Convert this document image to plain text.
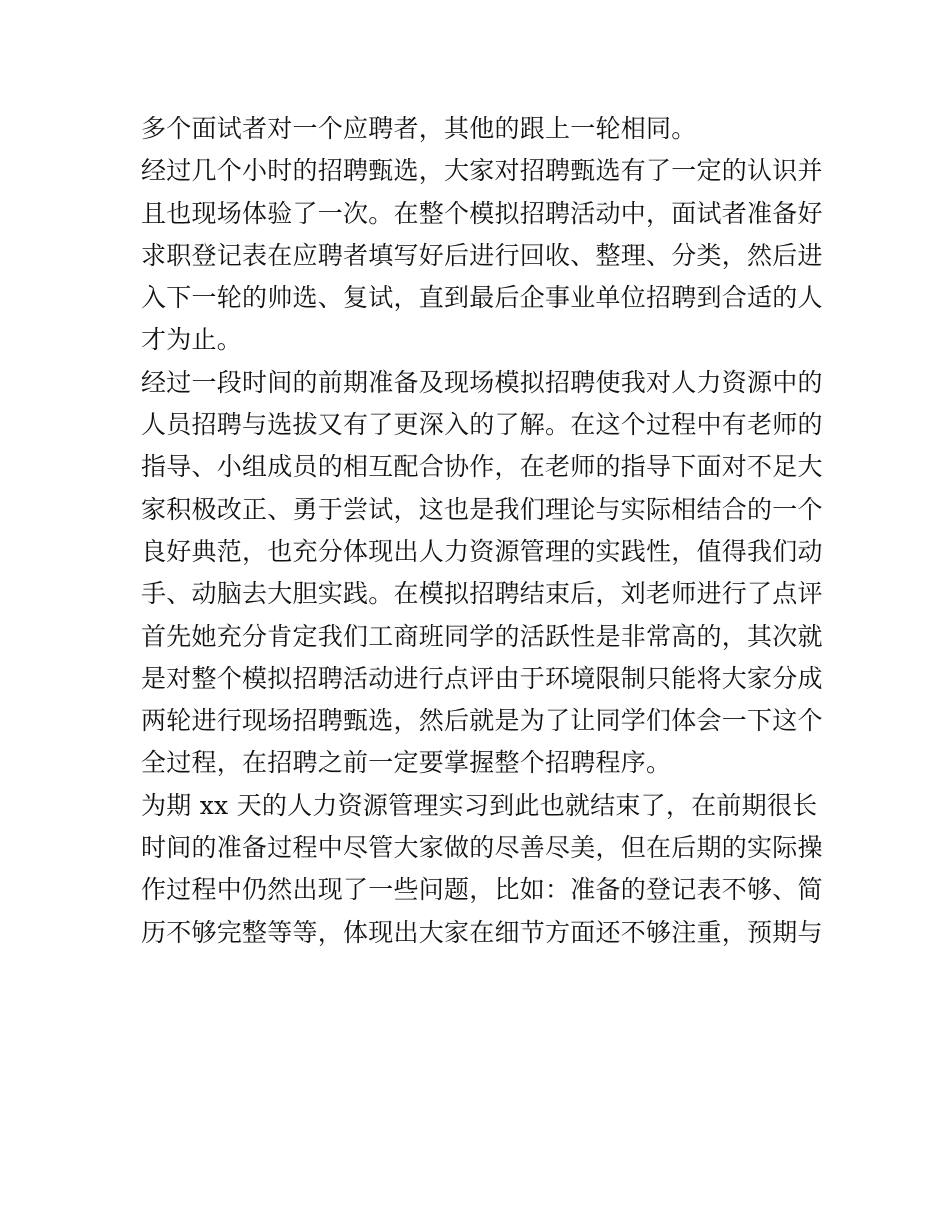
多个面试者对一个应聘者，其他的跟上一轮相同。
经过几个小时的招聘甄选，大家对招聘甄选有了一定的认识并
且也现场体验了一次。在整个模拟招聘活动中，面试者准备好
求职登记表在应聘者填写好后进行回收、整理、分类，然后进
入下一轮的帅选、复试，直到最后企事业单位招聘到合适的人
才为止。
经过一段时间的前期准备及现场模拟招聘使我对人力资源中的
人员招聘与选拔又有了更深入的了解。在这个过程中有老师的
指导、小组成员的相互配合协作，在老师的指导下面对不足大
家积极改正、勇于尝试，这也是我们理论与实际相结合的一个
良好典范，也充分体现出人力资源管理的实践性，值得我们动
手、动脑去大胆实践。在模拟招聘结束后，刘老师进行了点评
首先她充分肯定我们工商班同学的活跃性是非常高的，其次就
是对整个模拟招聘活动进行点评由于环境限制只能将大家分成
两轮进行现场招聘甄选，然后就是为了让同学们体会一下这个
全过程，在招聘之前一定要掌握整个招聘程序。
为期 xx 天的人力资源管理实习到此也就结束了，在前期很长
时间的准备过程中尽管大家做的尽善尽美，但在后期的实际操
作过程中仍然出现了一些问题，比如：准备的登记表不够、简
历不够完整等等，体现出大家在细节方面还不够注重，预期与
